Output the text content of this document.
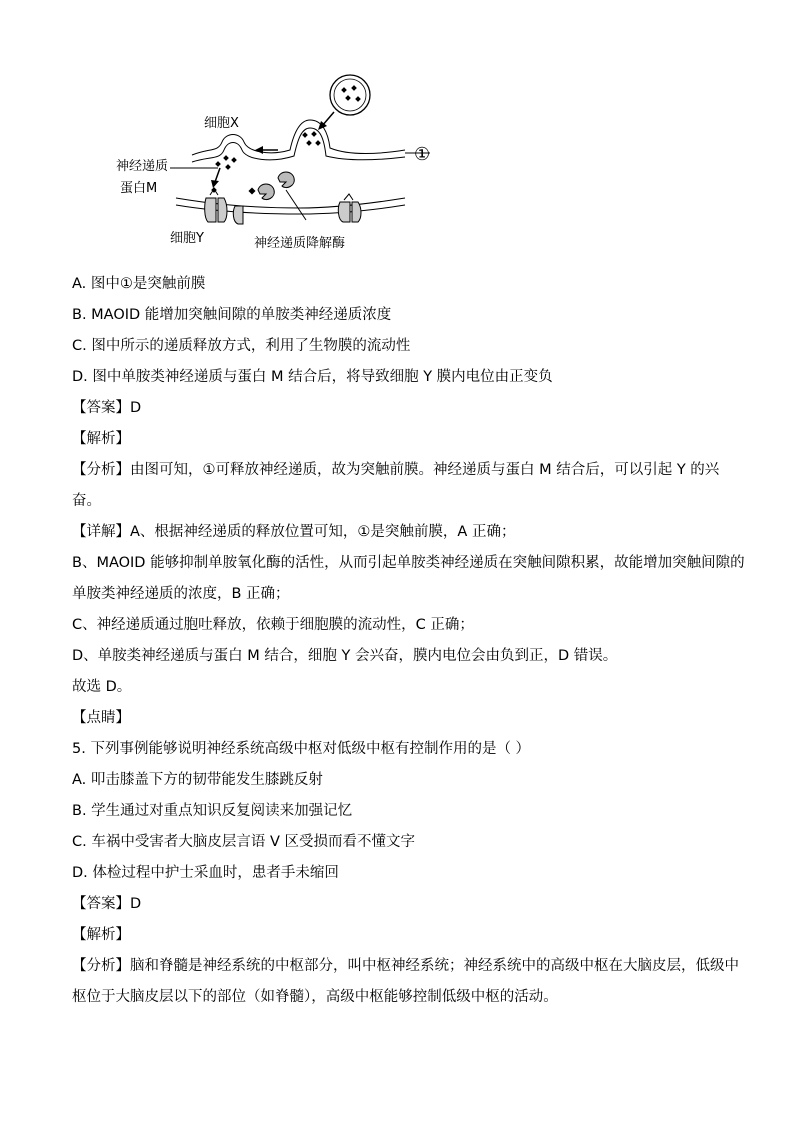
细胞X
神经递质
蛋白M
细胞Y	神经递质降解酶
①
A. 图中①是突触前膜
B. MAOID 能增加突触间隙的单胺类神经递质浓度
C. 图中所示的递质释放方式，利用了生物膜的流动性
D. 图中单胺类神经递质与蛋白 M 结合后，将导致细胞 Y 膜内电位由正变负
【答案】D
【解析】
【分析】由图可知，①可释放神经递质，故为突触前膜。神经递质与蛋白 M 结合后，可以引起 Y 的兴
奋。
【详解】A、根据神经递质的释放位置可知，①是突触前膜，A 正确；
B、MAOID 能够抑制单胺氧化酶的活性，从而引起单胺类神经递质在突触间隙积累，故能增加突触间隙的
单胺类神经递质的浓度，B 正确；
C、神经递质通过胞吐释放，依赖于细胞膜的流动性，C 正确；
D、单胺类神经递质与蛋白 M 结合，细胞 Y 会兴奋，膜内电位会由负到正，D 错误。
故选 D。
【点睛】
5. 下列事例能够说明神经系统高级中枢对低级中枢有控制作用的是（ ）
A. 叩击膝盖下方的韧带能发生膝跳反射
B. 学生通过对重点知识反复阅读来加强记忆
C. 车祸中受害者大脑皮层言语 V 区受损而看不懂文字
D. 体检过程中护士采血时，患者手未缩回
【答案】D
【解析】
【分析】脑和脊髓是神经系统的中枢部分，叫中枢神经系统；神经系统中的高级中枢在大脑皮层，低级中
枢位于大脑皮层以下的部位（如脊髓），高级中枢能够控制低级中枢的活动。
